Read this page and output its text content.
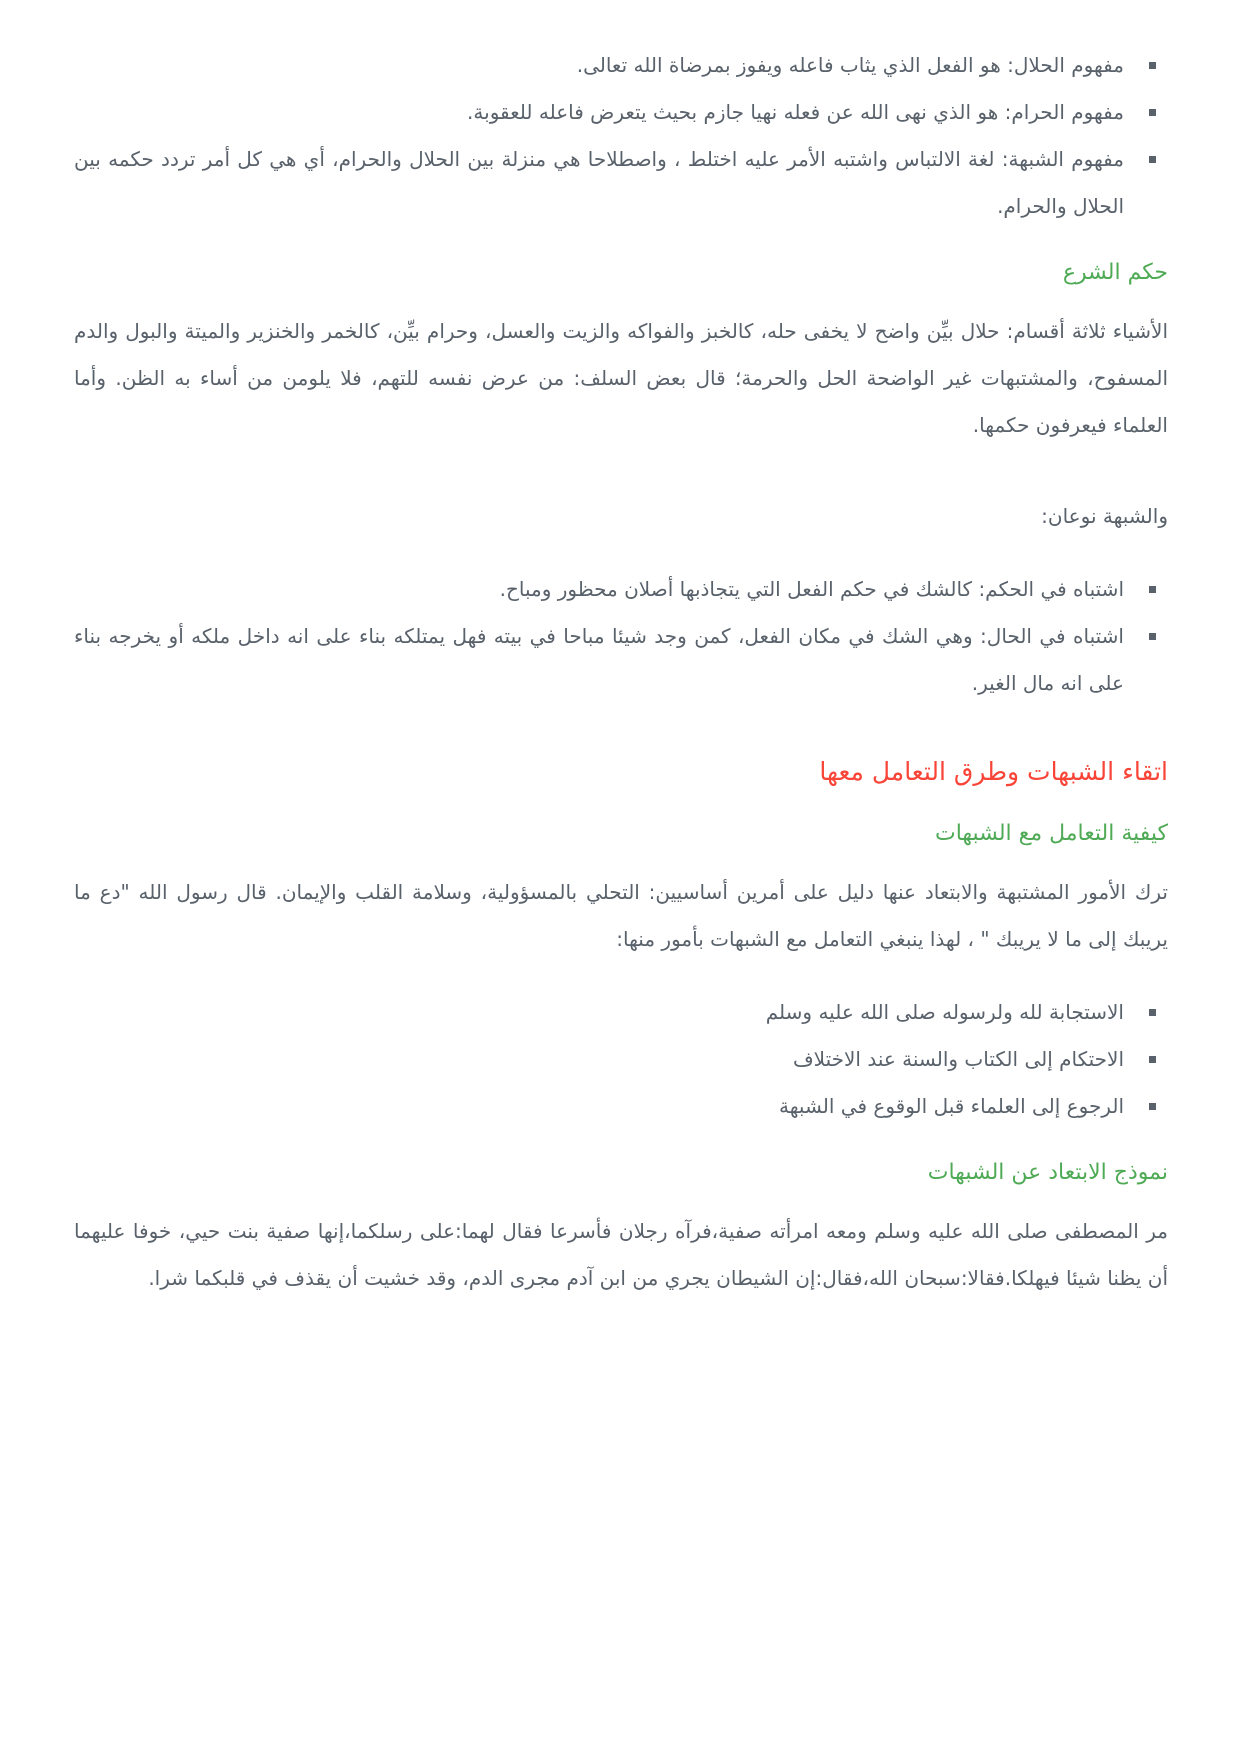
مفهوم الحلال: هو الفعل الذي يثاب فاعله ويفوز بمرضاة الله تعالى.
مفهوم الحرام: هو الذي نهى الله عن فعله نهيا جازم بحيث يتعرض فاعله للعقوبة.
مفهوم الشبهة: لغة الالتباس واشتبه الأمر عليه اختلط ، واصطلاحا هي منزلة بين الحلال والحرام، أي هي كل أمر تردد حكمه بين الحلال والحرام.
حكم الشرع

الأشياء ثلاثة أقسام: حلال بيِّن واضح لا يخفى حله، كالخبز والفواكه والزيت والعسل، وحرام بيِّن، كالخمر والخنزير والميتة والبول والدم المسفوح، والمشتبهات غير الواضحة الحل والحرمة؛ قال بعض السلف: من عرض نفسه للتهم، فلا يلومن من أساء به الظن. وأما العلماء فيعرفون حكمها.

والشبهة نوعان:

اشتباه في الحكم: كالشك في حكم الفعل التي يتجاذبها أصلان محظور ومباح.
اشتباه في الحال: وهي الشك في مكان الفعل، كمن وجد شيئا مباحا في بيته فهل يمتلكه بناء على انه داخل ملكه أو يخرجه بناء على انه مال الغير.
اتقاء الشبهات وطرق التعامل معها
كيفية التعامل مع الشبهات

ترك الأمور المشتبهة والابتعاد عنها دليل على أمرين أساسيين: التحلي بالمسؤولية، وسلامة القلب والإيمان. قال رسول الله "دع ما يريبك إلى ما لا يريبك " ، لهذا ينبغي التعامل مع الشبهات بأمور منها:

الاستجابة لله ولرسوله صلى الله عليه وسلم
الاحتكام إلى الكتاب والسنة عند الاختلاف
الرجوع إلى العلماء قبل الوقوع في الشبهة
نموذج الابتعاد عن الشبهات

مر المصطفى صلى الله عليه وسلم ومعه امرأته صفية،فرآه رجلان فأسرعا فقال لهما:على رسلكما،إنها صفية بنت حيي، خوفا عليهما أن يظنا شيئا فيهلكا.فقالا:سبحان الله،فقال:إن الشيطان يجري من ابن آدم مجرى الدم، وقد خشيت أن يقذف في قلبكما شرا.
